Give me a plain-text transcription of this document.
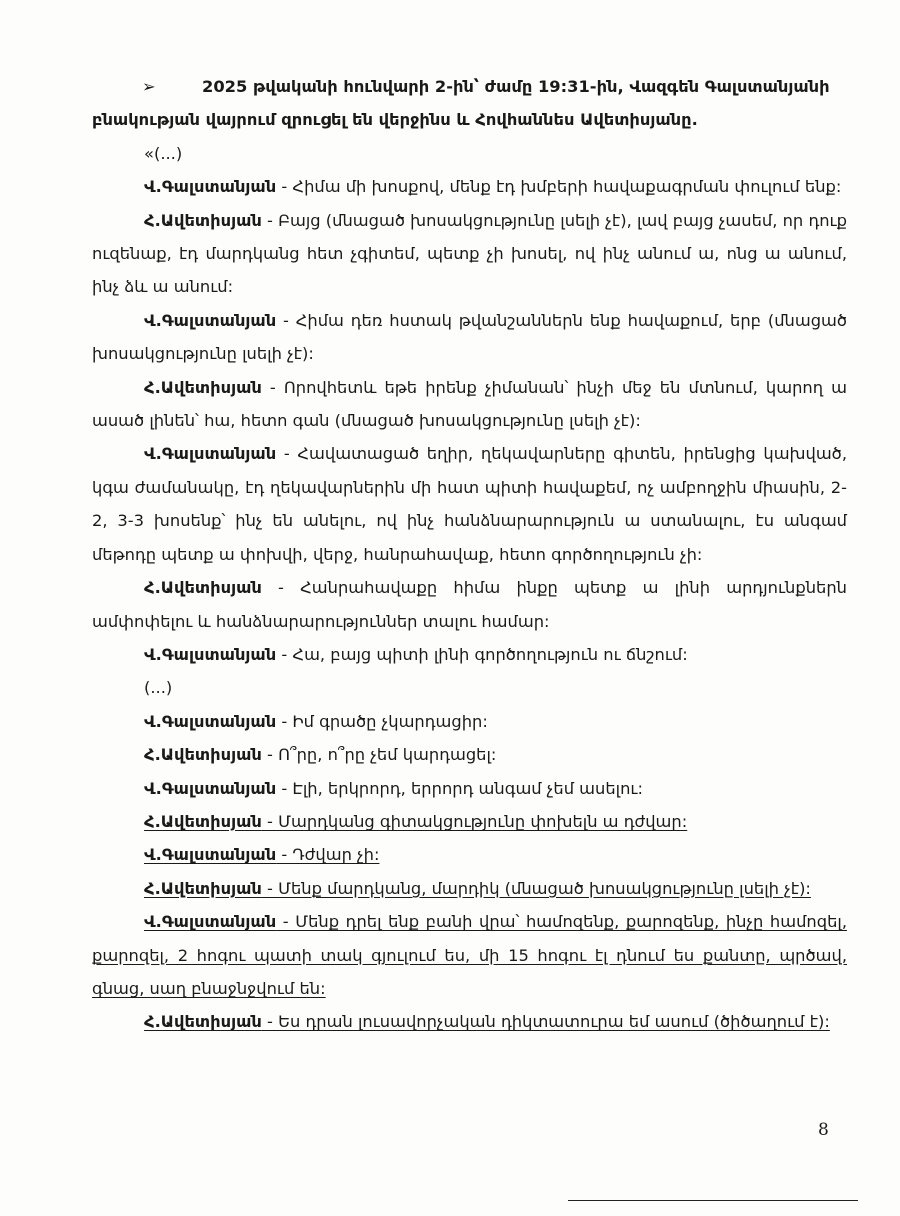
➢	2025 թվականի հունվարի 2-ին՝ ժամը 19:31-ին, Վազգեն Գալստանյանի

բնակության վայրում զրուցել են վերջինս և Հովհաննես Ավետիսյանը.

«(...)

Վ.Գալստանյան - Հիմա մի խոսքով, մենք էդ խմբերի հավաքագրման փուլում ենք:

Հ.Ավետիսյան - Բայց (մնացած խոսակցությունը լսելի չէ), լավ բայց չասեմ, որ դուք ուզենաք, էդ մարդկանց հետ չգիտեմ, պետք չի խոսել, ով ինչ անում ա, ոնց ա անում, ինչ ձև ա անում:

Վ.Գալստանյան - Հիմա դեռ հստակ թվանշաններն ենք հավաքում, երբ (մնացած խոսակցությունը լսելի չէ):

Հ.Ավետիսյան - Որովհետև եթե իրենք չիմանան՝ ինչի մեջ են մտնում, կարող ա ասած լինեն՝ հա, հետո գան (մնացած խոսակցությունը լսելի չէ):

Վ.Գալստանյան - Հավատացած եղիր, ղեկավարները գիտեն, իրենցից կախված, կգա ժամանակը, էդ ղեկավարներին մի հատ պիտի հավաքեմ, ոչ ամբողջին միասին, 2-2, 3-3 խոսենք՝ ինչ են անելու, ով ինչ հանձնարարություն ա ստանալու, էս անգամ մեթոդը պետք ա փոխվի, վերջ, հանրահավաք, հետո գործողություն չի:

Հ.Ավետիսյան - Հանրահավաքը հիմա ինքը պետք ա լինի արդյունքներն ամփոփելու և հանձնարարություններ տալու համար:

Վ.Գալստանյան - Հա, բայց պիտի լինի գործողություն ու ճնշում:

(...)

Վ.Գալստանյան - Իմ գրածը չկարդացիր:

Հ.Ավետիսյան - Ո՞րը, ո՞րը չեմ կարդացել:

Վ.Գալստանյան - Էլի, երկրորդ, երրորդ անգամ չեմ ասելու:

Հ.Ավետիսյան - Մարդկանց գիտակցությունը փոխելն ա դժվար:

Վ.Գալստանյան - Դժվար չի:

Հ.Ավետիսյան - Մենք մարդկանց, մարդիկ (մնացած խոսակցությունը լսելի չէ):

Վ.Գալստանյան - Մենք դրել ենք բանի վրա՝ համոզենք, քարոզենք, ինչը համոզել, քարոզել, 2 հոգու պատի տակ գյուլում ես, մի 15 հոգու էլ դնում ես քանտը, պրծավ, գնաց, սաղ բնաջնջվում են:

Հ.Ավետիսյան - Ես դրան լուսավորչական դիկտատուրա եմ ասում (ծիծաղում է):

8
